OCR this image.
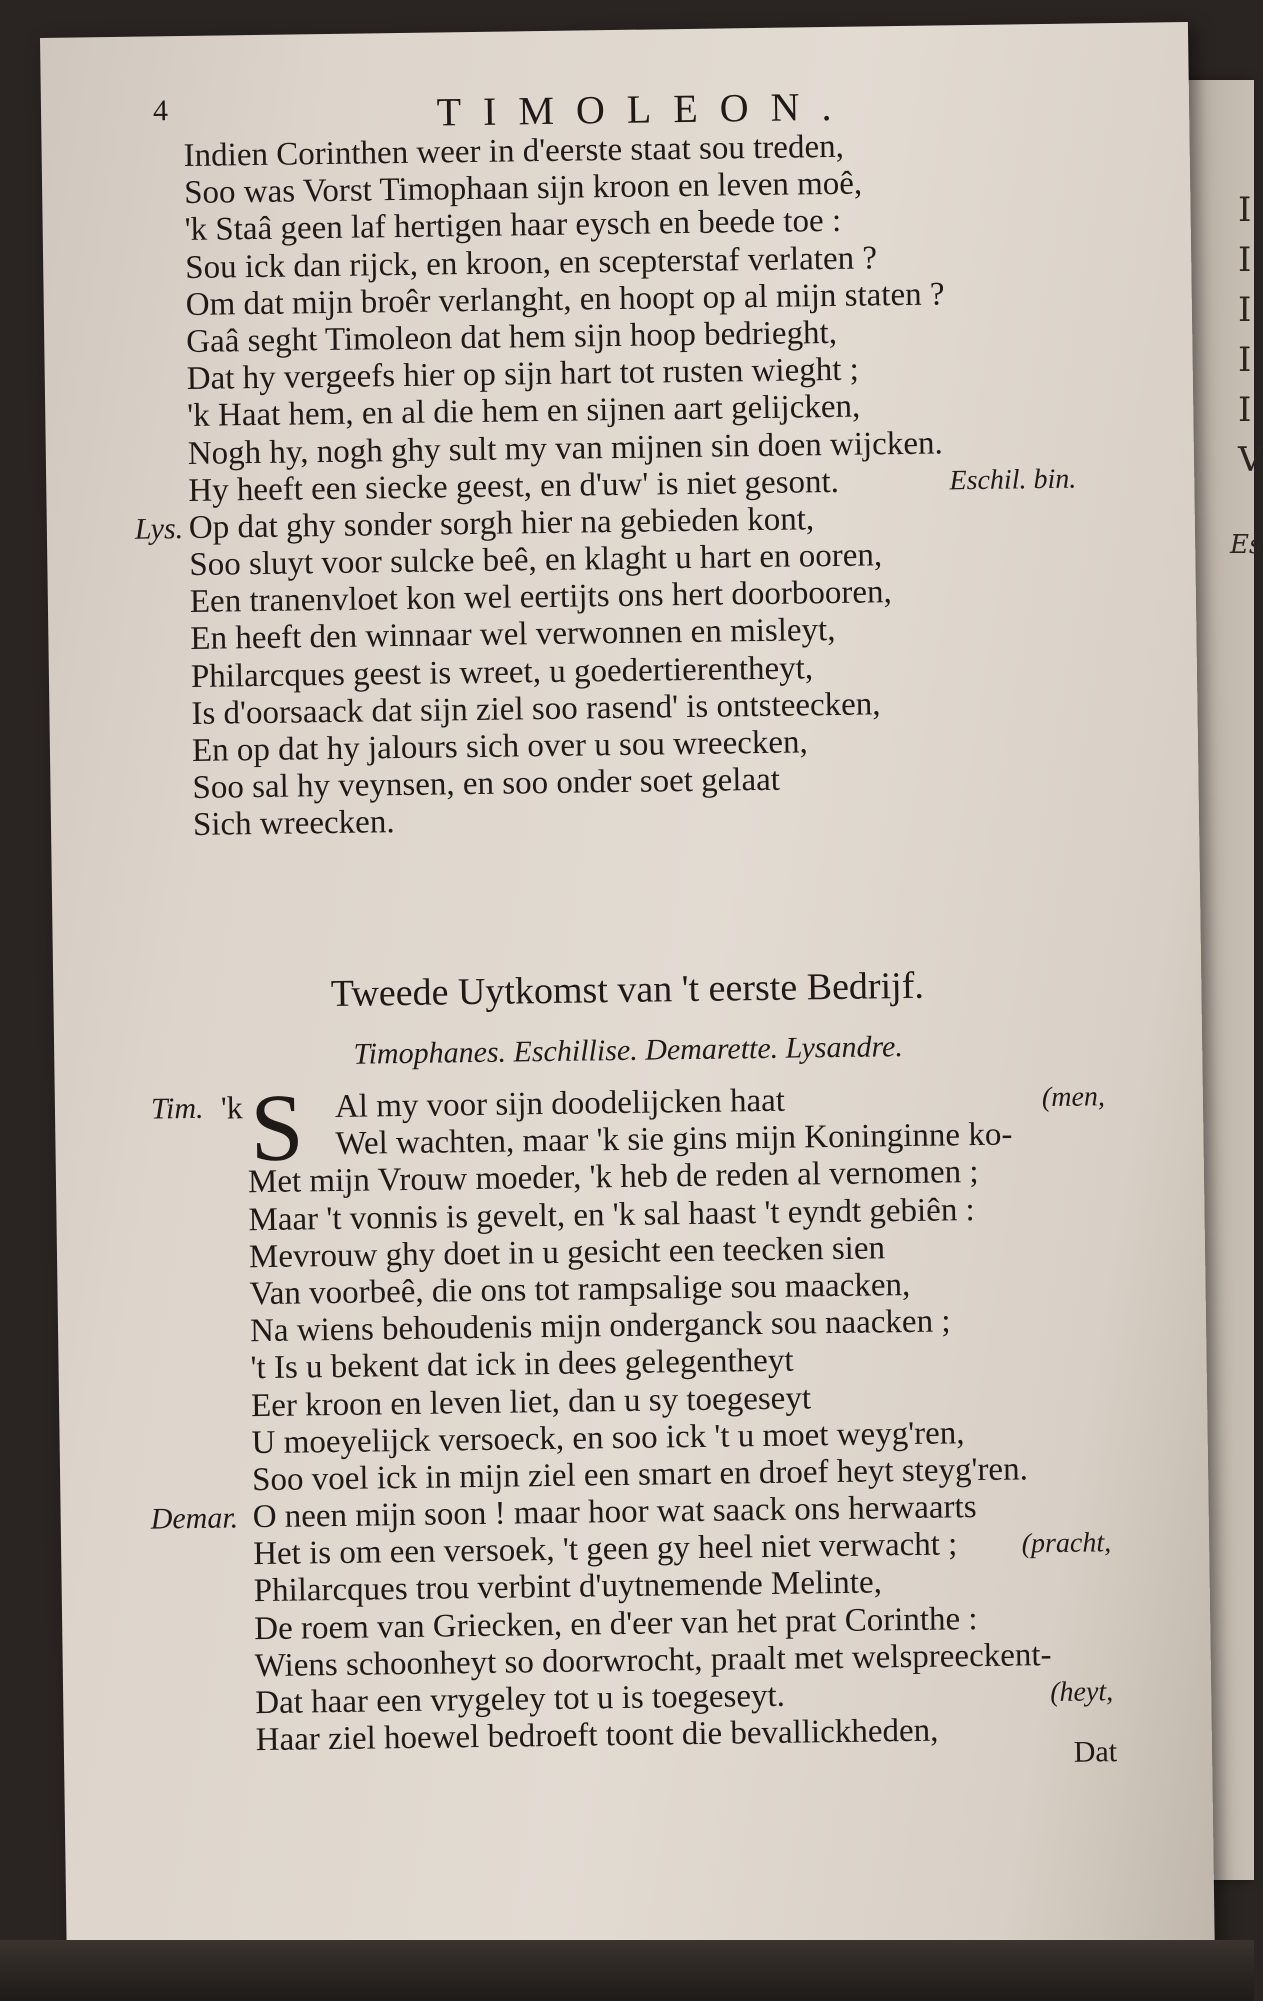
I
I
I
I
I
V
Es
4	TIMOLEON.
Indien Corinthen weer in d'eerste staat sou treden,
Soo was Vorst Timophaan sijn kroon en leven moê,
'k Staâ geen laf hertigen haar eysch en beede toe :
Sou ick dan rijck, en kroon, en scepterstaf verlaten ?
Om dat mijn broêr verlanght, en hoopt op al mijn staten ?
Gaâ seght Timoleon dat hem sijn hoop bedrieght,
Dat hy vergeefs hier op sijn hart tot rusten wieght ;
'k Haat hem, en al die hem en sijnen aart gelijcken,
Nogh hy, nogh ghy sult my van mijnen sin doen wijcken.
Hy heeft een siecke geest, en d'uw' is niet gesont.	Eschil. bin.
Lys. Op dat ghy sonder sorgh hier na gebieden kont,
Soo sluyt voor sulcke beê, en klaght u hart en ooren,
Een tranenvloet kon wel eertijts ons hert doorbooren,
En heeft den winnaar wel verwonnen en misleyt,
Philarcques geest is wreet, u goedertierentheyt,
Is d'oorsaack dat sijn ziel soo rasend' is ontsteecken,
En op dat hy jalours sich over u sou wreecken,
Soo sal hy veynsen, en soo onder soet gelaat
Sich wreecken.
Tweede Uytkomst van 't eerste Bedrijf.
Timophanes. Eschillise. Demarette. Lysandre.
Tim. 'k S Al my voor sijn doodelijcken haat	(men,
Wel wachten, maar 'k sie gins mijn Koninginne ko-
Met mijn Vrouw moeder, 'k heb de reden al vernomen ;
Maar 't vonnis is gevelt, en 'k sal haast 't eyndt gebiên :
Mevrouw ghy doet in u gesicht een teecken sien
Van voorbeê, die ons tot rampsalige sou maacken,
Na wiens behoudenis mijn onderganck sou naacken ;
't Is u bekent dat ick in dees gelegentheyt
Eer kroon en leven liet, dan u sy toegeseyt
U moeyelijck versoeck, en soo ick 't u moet weyg'ren,
Soo voel ick in mijn ziel een smart en droef heyt steyg'ren.
Demar. O neen mijn soon ! maar hoor wat saack ons herwaarts
Het is om een versoek, 't geen gy heel niet verwacht ; (pracht,
Philarcques trou verbint d'uytnemende Melinte,
De roem van Griecken, en d'eer van het prat Corinthe :
Wiens schoonheyt so doorwrocht, praalt met welspreeckent-
Dat haar een vrygeley tot u is toegeseyt.	(heyt,
Haar ziel hoewel bedroeft toont die bevallickheden,	Dat
